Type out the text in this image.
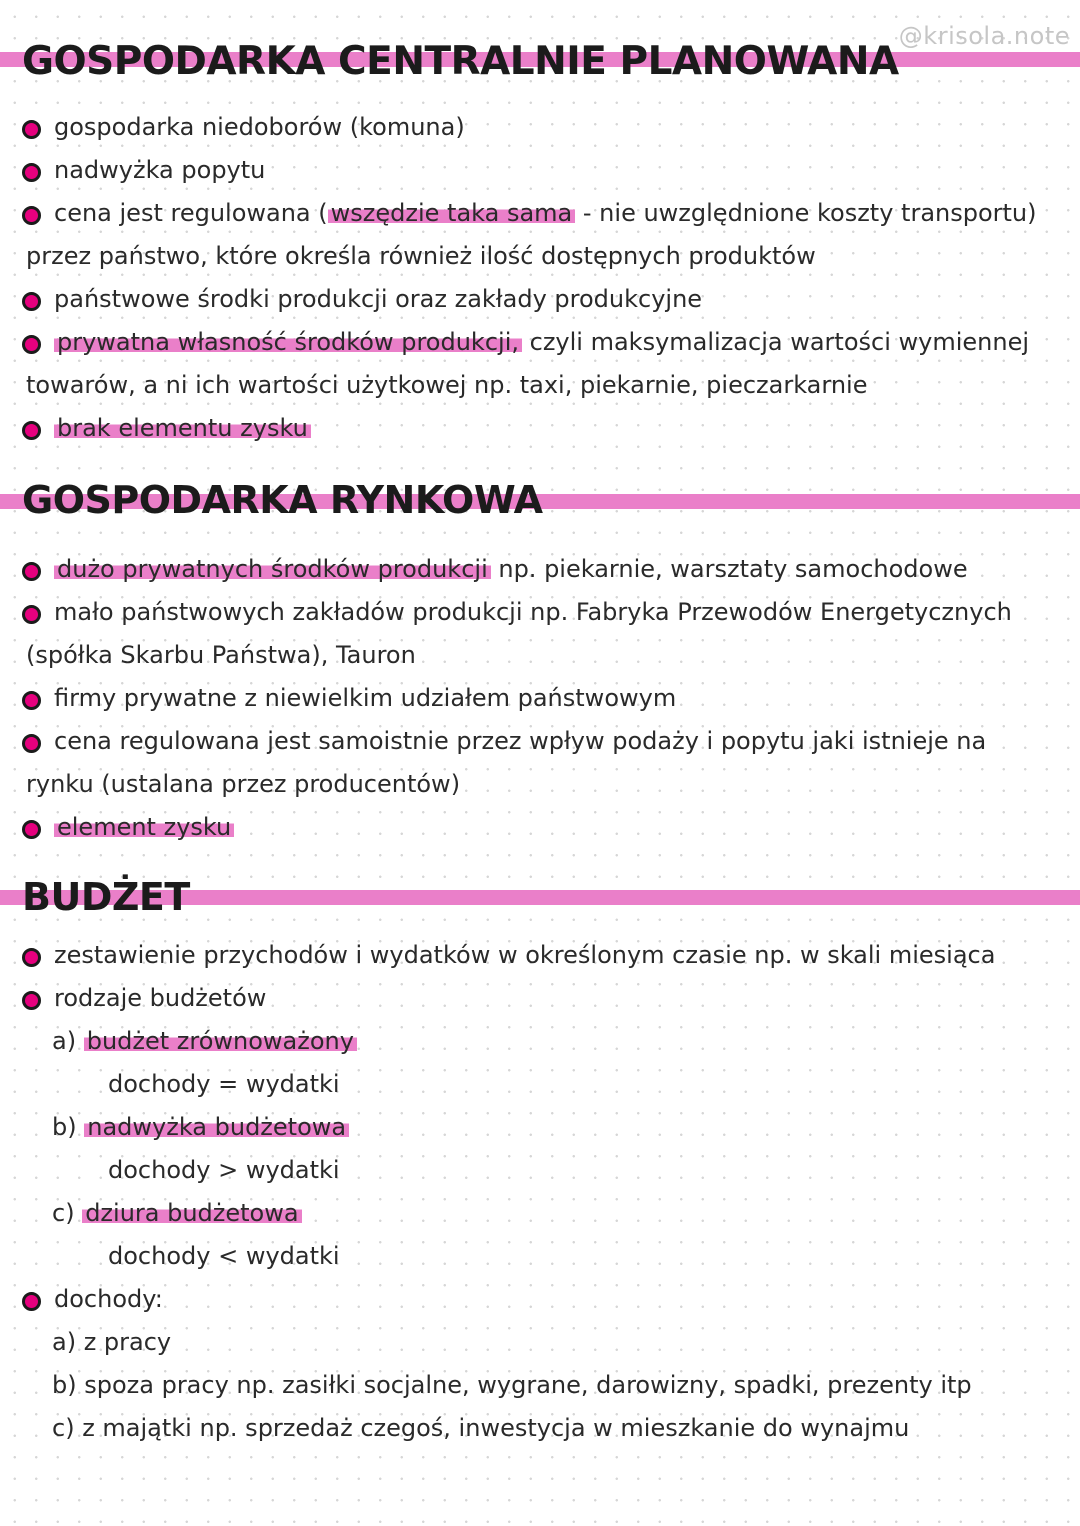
@krisola.note
GOSPODARKA CENTRALNIE PLANOWANA
gospodarka niedoborów (komuna)
nadwyżka popytu
cena jest regulowana ( wszędzie taka sama - nie uwzględnione koszty transportu)
przez państwo, które określa również ilość dostępnych produktów
państwowe środki produkcji oraz zakłady produkcyjne
prywatna własność środków produkcji, czyli maksymalizacja wartości wymiennej
towarów, a ni ich wartości użytkowej np. taxi, piekarnie, pieczarkarnie
brak elementu zysku
GOSPODARKA RYNKOWA
dużo prywatnych środków produkcji np. piekarnie, warsztaty samochodowe
mało państwowych zakładów produkcji np. Fabryka Przewodów Energetycznych
(spółka Skarbu Państwa), Tauron
firmy prywatne z niewielkim udziałem państwowym
cena regulowana jest samoistnie przez wpływ podaży i popytu jaki istnieje na
rynku (ustalana przez producentów)
element zysku
BUDŻET
zestawienie przychodów i wydatków w określonym czasie np. w skali miesiąca
rodzaje budżetów
a) budżet zrównoważony
dochody = wydatki
b) nadwyżka budżetowa
dochody > wydatki
c) dziura budżetowa
dochody < wydatki
dochody:
a) z pracy
b) spoza pracy np. zasiłki socjalne, wygrane, darowizny, spadki, prezenty itp
c) z majątki np. sprzedaż czegoś, inwestycja w mieszkanie do wynajmu
